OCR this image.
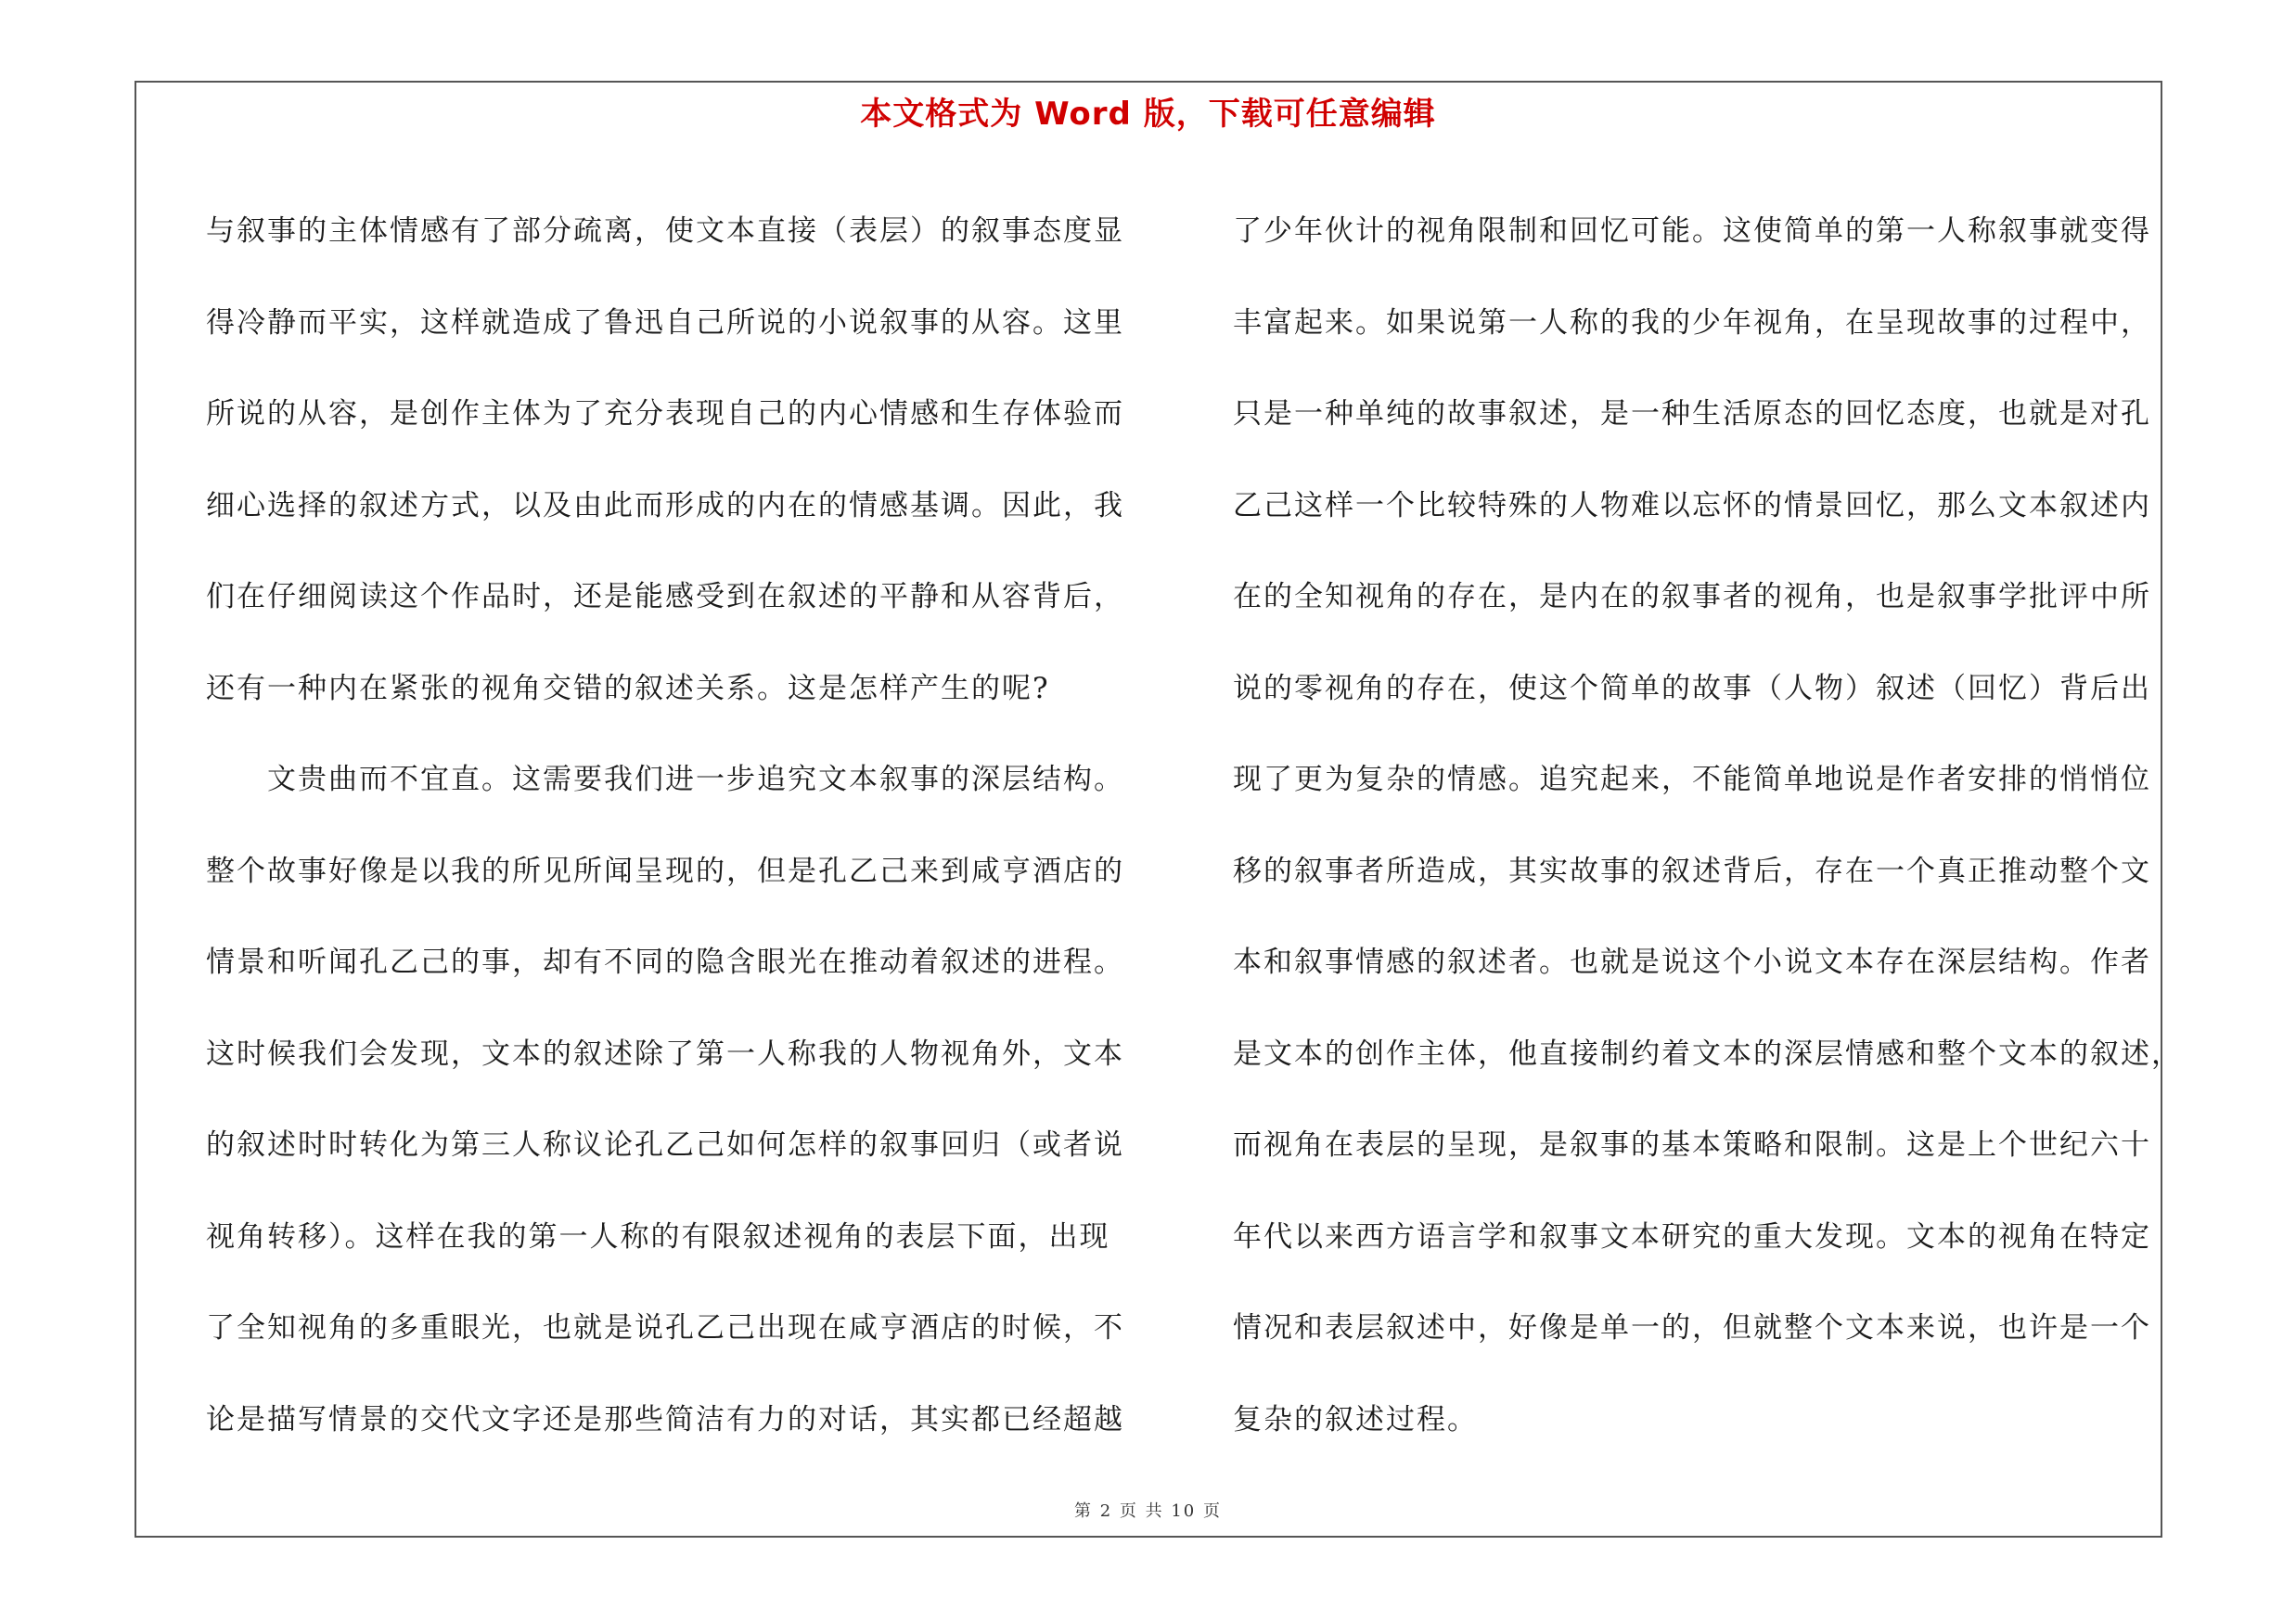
本文格式为 Word 版，下载可任意编辑
与叙事的主体情感有了部分疏离，使文本直接（表层）的叙事态度显
得冷静而平实，这样就造成了鲁迅自己所说的小说叙事的从容。这里
所说的从容，是创作主体为了充分表现自己的内心情感和生存体验而
细心选择的叙述方式，以及由此而形成的内在的情感基调。因此，我
们在仔细阅读这个作品时，还是能感受到在叙述的平静和从容背后，
还有一种内在紧张的视角交错的叙述关系。这是怎样产生的呢?
　　文贵曲而不宜直。这需要我们进一步追究文本叙事的深层结构。
整个故事好像是以我的所见所闻呈现的，但是孔乙己来到咸亨酒店的
情景和听闻孔乙己的事，却有不同的隐含眼光在推动着叙述的进程。
这时候我们会发现，文本的叙述除了第一人称我的人物视角外，文本
的叙述时时转化为第三人称议论孔乙己如何怎样的叙事回归（或者说
视角转移）。这样在我的第一人称的有限叙述视角的表层下面，出现
了全知视角的多重眼光，也就是说孔乙己出现在咸亨酒店的时候，不
论是描写情景的交代文字还是那些简洁有力的对话，其实都已经超越
了少年伙计的视角限制和回忆可能。这使简单的第一人称叙事就变得
丰富起来。如果说第一人称的我的少年视角，在呈现故事的过程中，
只是一种单纯的故事叙述，是一种生活原态的回忆态度，也就是对孔
乙己这样一个比较特殊的人物难以忘怀的情景回忆，那么文本叙述内
在的全知视角的存在，是内在的叙事者的视角，也是叙事学批评中所
说的零视角的存在，使这个简单的故事（人物）叙述（回忆）背后出
现了更为复杂的情感。追究起来，不能简单地说是作者安排的悄悄位
移的叙事者所造成，其实故事的叙述背后，存在一个真正推动整个文
本和叙事情感的叙述者。也就是说这个小说文本存在深层结构。作者
是文本的创作主体，他直接制约着文本的深层情感和整个文本的叙述，
而视角在表层的呈现，是叙事的基本策略和限制。这是上个世纪六十
年代以来西方语言学和叙事文本研究的重大发现。文本的视角在特定
情况和表层叙述中，好像是单一的，但就整个文本来说，也许是一个
复杂的叙述过程。
第 2 页 共 10 页
